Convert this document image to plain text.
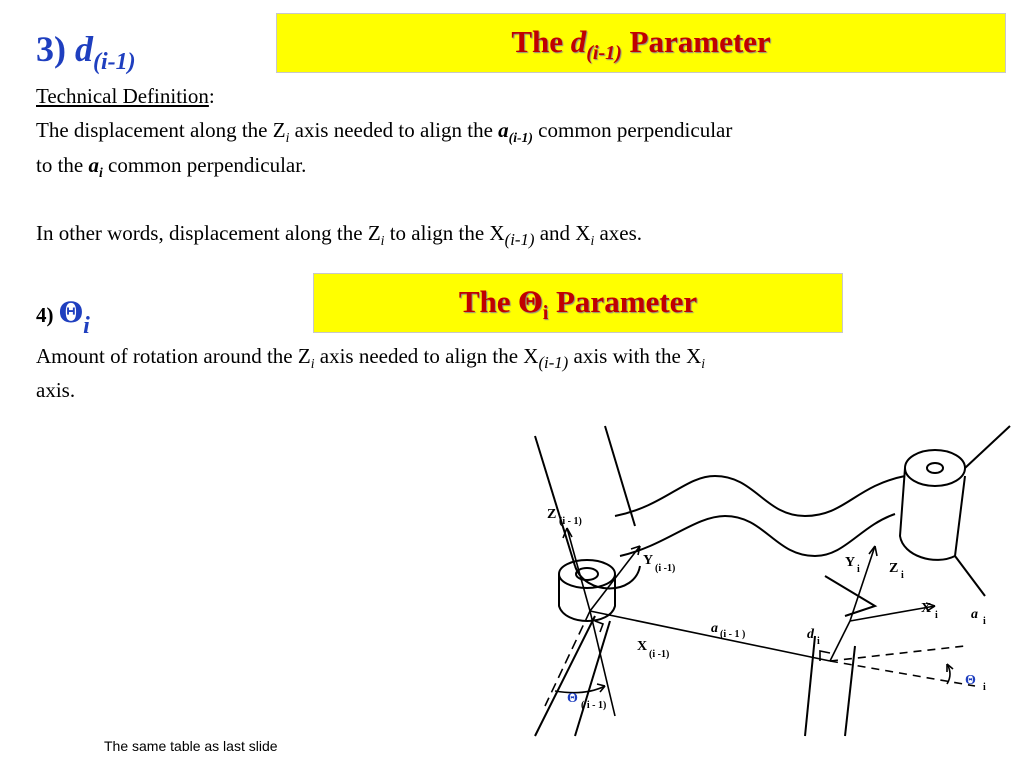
3) $d_{(i-1)}$
The $d_{(i-1)}$ Parameter
Technical Definition:
The displacement along the $Z_i$ axis needed to align the $a_{(i-1)}$ common perpendicular
to the $a_i$ common perpendicular.
In other words, displacement along the $Z_i$ to align the $X_{(i-1)}$ and $X_i$ axes.
4) $\Theta_i$
The $\Theta_i$ Parameter
Amount of rotation around the $Z_i$ axis needed to align the $X_{(i-1)}$ axis with the $X_i$
axis.
Z (i - 1)
Y
(i -1)
X
(i -1)
a (i - 1 )
Θ ( i - 1)
Y i Z i
X i a i
d i
Θ i
The same table as last slide
